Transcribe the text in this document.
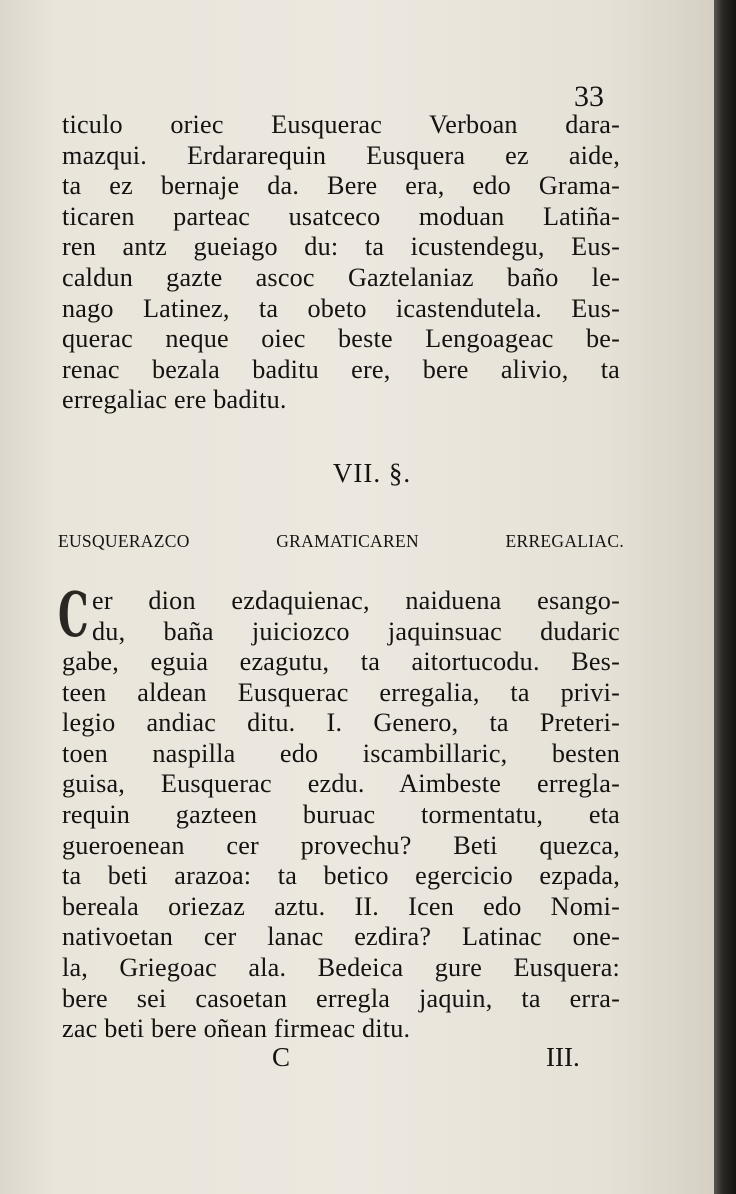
33
ticulo oriec Eusquerac Verboan dara-
mazqui. Erdararequin Eusquera ez aide,
ta ez bernaje da. Bere era, edo Grama-
ticaren parteac usatceco moduan Latiña-
ren antz gueiago du: ta icustendegu, Eus-
caldun gazte ascoc Gaztelaniaz baño le-
nago Latinez, ta obeto icastendutela. Eus-
querac neque oiec beste Lengoageac be-
renac bezala baditu ere, bere alivio, ta
erregaliac ere baditu.
VII. §.
EUSQUERAZCO GRAMATICAREN ERREGALIAC.
C er dion ezdaquienac, naiduena esango-
du, baña juiciozco jaquinsuac dudaric
gabe, eguia ezagutu, ta aitortucodu. Bes-
teen aldean Eusquerac erregalia, ta privi-
legio andiac ditu. I. Genero, ta Preteri-
toen naspilla edo iscambillaric, besten
guisa, Eusquerac ezdu. Aimbeste erregla-
requin gazteen buruac tormentatu, eta
gueroenean cer provechu? Beti quezca,
ta beti arazoa: ta betico egercicio ezpada,
bereala oriezaz aztu. II. Icen edo Nomi-
nativoetan cer lanac ezdira? Latinac one-
la, Griegoac ala. Bedeica gure Eusquera:
bere sei casoetan erregla jaquin, ta erra-
zac beti bere oñean firmeac ditu.
C	III.
